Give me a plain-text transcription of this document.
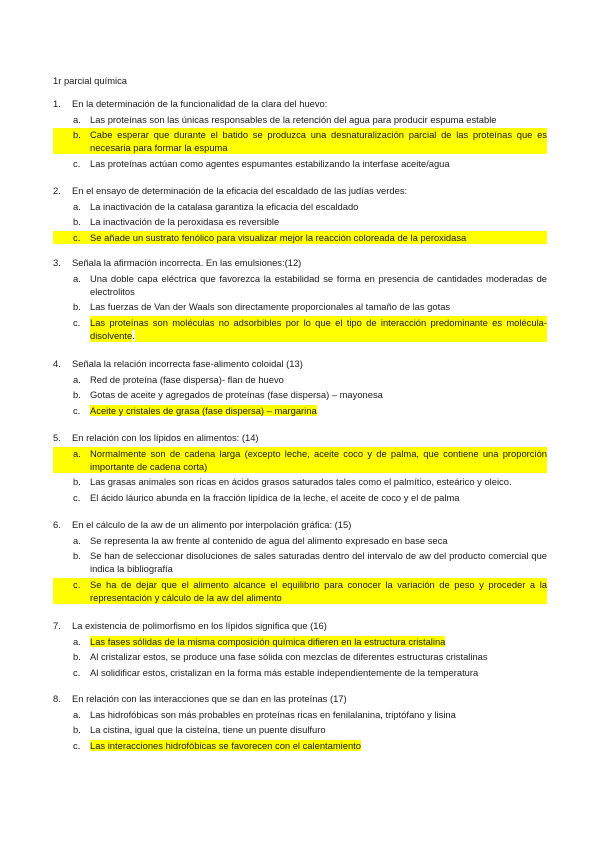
1r parcial química
1. En la determinación de la funcionalidad de la clara del huevo:
a. Las proteínas son las únicas responsables de la retención del agua para producir espuma estable
b. Cabe esperar que durante el batido se produzca una desnaturalización parcial de las proteínas que es necesaria para formar la espuma
c. Las proteínas actúan como agentes espumantes estabilizando la interfase aceite/agua
2. En el ensayo de determinación de la eficacia del escaldado de las judías verdes:
a. La inactivación de la catalasa garantiza la eficacia del escaldado
b. La inactivación de la peroxidasa es reversible
c. Se añade un sustrato fenólico para visualizar mejor la reacción coloreada de la peroxidasa
3. Señala la afirmación incorrecta. En las emulsiones:(12)
a. Una doble capa eléctrica que favorezca la estabilidad se forma en presencia de cantidades moderadas de electrolitos
b. Las fuerzas de Van der Waals son directamente proporcionales al tamaño de las gotas
c. Las proteínas son moléculas no adsorbibles por lo que el tipo de interacción predominante es molécula-disolvente.
4. Señala la relación incorrecta fase-alimento coloidal (13)
a. Red de proteína (fase dispersa)- flan de huevo
b. Gotas de aceite y agregados de proteínas (fase dispersa) – mayonesa
c. Aceite y cristales de grasa (fase dispersa) – margarina
5. En relación con los lípidos en alimentos: (14)
a. Normalmente son de cadena larga (excepto leche, aceite coco y de palma, que contiene una proporción importante de cadena corta)
b. Las grasas animales son ricas en ácidos grasos saturados tales como el palmítico, esteárico y oleico.
c. El ácido láurico abunda en la fracción lipídica de la leche, el aceite de coco y el de palma
6. En el cálculo de la aw de un alimento por interpolación gráfica: (15)
a. Se representa la aw frente al contenido de agua del alimento expresado en base seca
b. Se han de seleccionar disoluciones de sales saturadas dentro del intervalo de aw del producto comercial que indica la bibliografía
c. Se ha de dejar que el alimento alcance el equilibrio para conocer la variación de peso y proceder a la representación y cálculo de la aw del alimento
7. La existencia de polimorfismo en los lípidos significa que (16)
a. Las fases sólidas de la misma composición química difieren en la estructura cristalina
b. Al cristalizar estos, se produce una fase sólida con mezclas de diferentes estructuras cristalinas
c. Al solidificar estos, cristalizan en la forma más estable independientemente de la temperatura
8. En relación con las interacciones que se dan en las proteínas (17)
a. Las hidrofóbicas son más probables en proteínas ricas en fenilalanina, triptófano y lisina
b. La cistina, igual que la cisteína, tiene un puente disulfuro
c. Las interacciones hidrofóbicas se favorecen con el calentamiento
